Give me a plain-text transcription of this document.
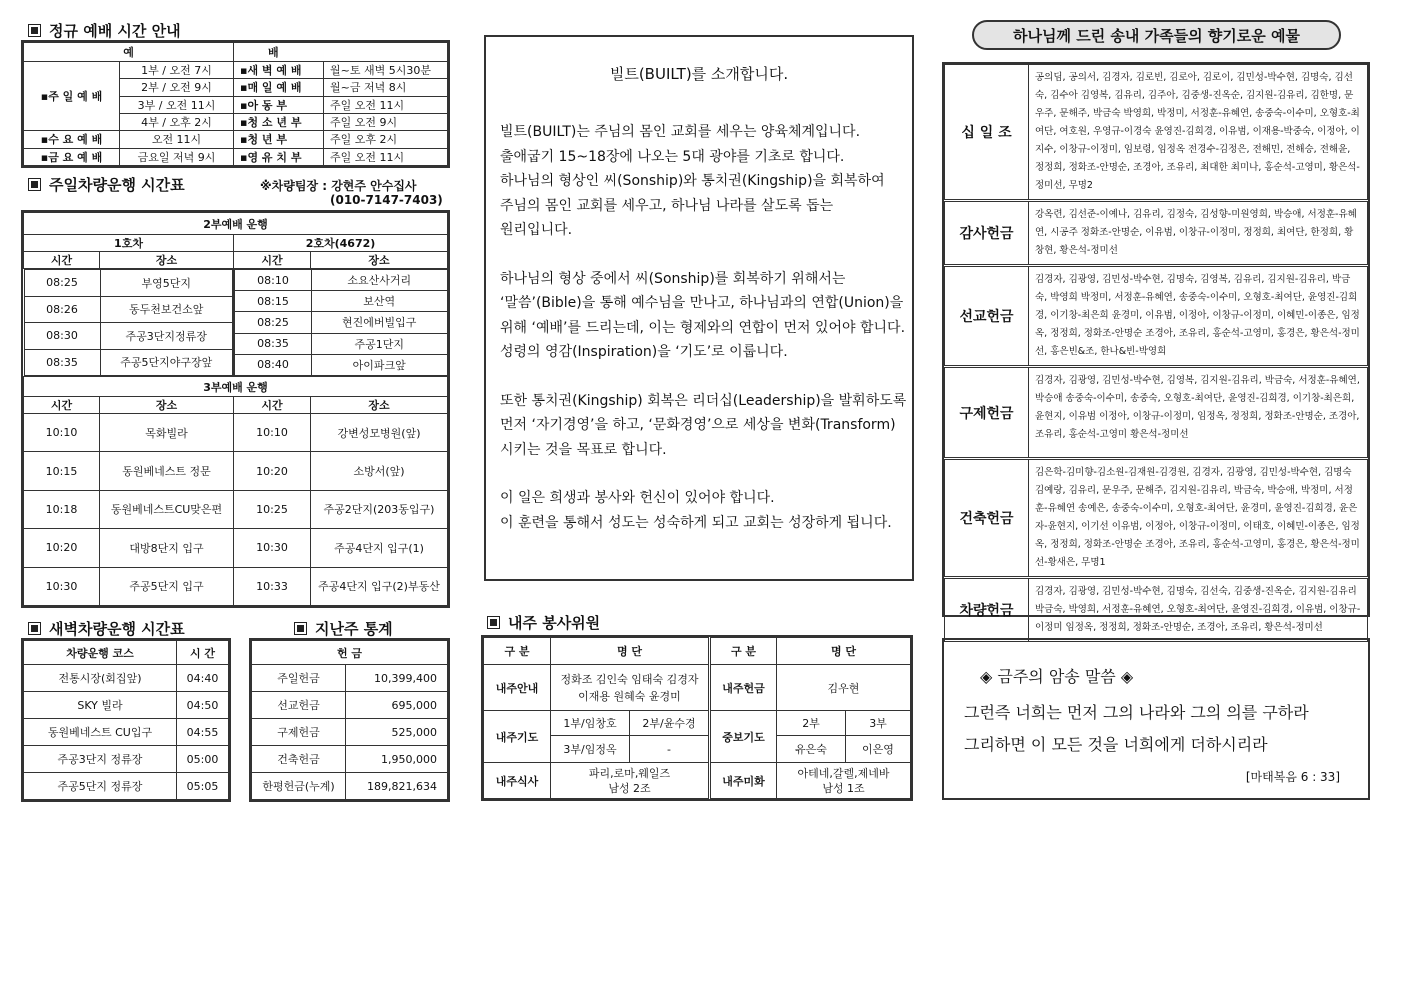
정규 예배 시간 안내
예		배	
▪주 일 예 배	1부 / 오전 7시	▪새 벽 예 배	월~토 새벽 5시30분
	2부 / 오전 9시	▪매 일 예 배	월~금 저녁 8시
	3부 / 오전 11시	▪아 동 부	주일 오전 11시
	4부 / 오후 2시	▪청 소 년 부	주일 오전 9시
▪수 요 예 배	오전 11시	▪청 년 부	주일 오후 2시
▪금 요 예 배	금요일 저녁 9시	▪영 유 치 부	주일 오전 11시
주일차량운행 시간표	※차량팀장 : 강현주 안수집사
(010-7147-7403)
2부예배 운행
1호차	2호차(4672)
시간	장소	시간	장소

08:25	부영5단지
08:26	동두천보건소앞
08:30	주공3단지정류장
08:35	주공5단지야구장앞

08:10	소요산사거리
08:15	보산역
08:25	현진에버빌입구
08:35	주공1단지
08:40	아이파크앞

3부예배 운행
시간	장소	시간	장소
10:10	목화빌라	10:10	강변성모병원(앞)
10:15	동원베네스트 정문	10:20	소방서(앞)
10:18	동원베네스트CU맞은편	10:25	주공2단지(203동입구)
10:20	대방8단지 입구	10:30	주공4단지 입구(1)
10:30	주공5단지 입구	10:33	주공4단지 입구(2)부동산
새벽차량운행 시간표
차량운행 코스	시 간
전통시장(회집앞)	04:40
SKY 빌라	04:50
동원베네스트 CU입구	04:55
주공3단지 정류장	05:00
주공5단지 정류장	05:05
지난주 통계
헌 금	
주일헌금	10,399,400
선교헌금	695,000
구제헌금	525,000
건축헌금	1,950,000
한평헌금(누계)	189,821,634
빌트(BUILT)를 소개합니다.

빌트(BUILT)는 주님의 몸인 교회를 세우는 양육체계입니다.

출애굽기 15~18장에 나오는 5대 광야를 기초로 합니다.

하나님의 형상인 씨(Sonship)와 통치권(Kingship)을 회복하여

주님의 몸인 교회를 세우고, 하나님 나라를 살도록 돕는

원리입니다.

하나님의 형상 중에서 씨(Sonship)를 회복하기 위해서는

‘말씀’(Bible)을 통해 예수님을 만나고, 하나님과의 연합(Union)을

위해 ‘예배’를 드리는데, 이는 형제와의 연합이 먼저 있어야 합니다.

성령의 영감(Inspiration)을 ‘기도’로 이룹니다.

또한 통치권(Kingship) 회복은 리더십(Leadership)을 발휘하도록

먼저 ‘자기경영’을 하고, ‘문화경영’으로 세상을 변화(Transform)

시키는 것을 목표로 합니다.

이 일은 희생과 봉사와 헌신이 있어야 합니다.

이 훈련을 통해서 성도는 성숙하게 되고 교회는 성장하게 됩니다.

내주 봉사위원
구 분	명 단		구 분	명 단	
내주안내	정화조 김인숙 임태숙 김경자
이재용 원혜숙 윤경미		내주헌금	김우현	
내주기도	1부/임창호	2부/윤수경	중보기도	2부	3부
	3부/임정옥	-		유은숙	이은영
내주식사	파리,로마,웨일즈
남성 2조		내주미화	아테네,갈렐,제네바
남성 1조	
하나님께 드린 송내 가족들의 향기로운 예물
십 일 조	공의딤, 공의서, 김경자, 김로빈, 김로아, 김로이, 김민성-박수현, 김명숙, 김선숙, 김수아 김영복, 김유리, 김주아, 김중생-진옥순, 김지원-김유리, 김한명, 문우주, 문해주, 박금숙 박영희, 박정미, 서정훈-유혜연, 송중숙-이수미, 오형호-최여단, 여호원, 우영규-이경숙 윤영진-김희경, 이유범, 이재용-박중숙, 이정아, 이지수, 이창규-이정미, 임보령, 임정옥 전경수-김정은, 전해민, 전해승, 전해윤, 정정희, 정화조-안명순, 조경아, 조유리, 최대한 최미나, 홍순석-고영미, 황은석-정미선, 무명2
감사헌금	강옥련, 김선준-이예나, 김유리, 김정숙, 김성향-미원영희, 박승애, 서정훈-유혜연, 시공주 정화조-안명순, 이유범, 이창규-이정미, 정정희, 최여단, 한정희, 황창현, 황은석-정미선
선교헌금	김경자, 김광영, 김민성-박수현, 김명숙, 김영복, 김유리, 김지원-김유리, 박금숙, 박영희 박정미, 서정훈-유혜연, 송중숙-이수미, 오형호-최여단, 윤영진-김희경, 이기창-최은희 윤경미, 이유범, 이정아, 이창규-이정미, 이혜민-이종은, 임정옥, 정정희, 정화조-안명순 조경아, 조유리, 홍순석-고영미, 홍경은, 황은석-정미선, 홍은빈&조, 한나&빈-박영희
구제헌금	김경자, 김광영, 김민성-박수현, 김영복, 김지원-김유리, 박금숙, 서정훈-유혜연, 박승애 송중숙-이수미, 송중숙, 오형호-최여단, 윤영진-김희경, 이기창-최은희, 윤현지, 이유범 이정아, 이창규-이정미, 임정옥, 정정희, 정화조-안명순, 조경아, 조유리, 홍순석-고영미 황은석-정미선
건축헌금	김은학-김미향-김소원-김재원-김경원, 김경자, 김광영, 김민성-박수현, 김명숙 김예랑, 김유리, 문우주, 문해주, 김지원-김유리, 박금숙, 박승애, 박정미, 서정훈-유혜연 송예은, 송중숙-이수미, 오형호-최여단, 윤경미, 윤영진-김희경, 윤은자-윤현지, 이기선 이유범, 이정아, 이창규-이정미, 이태호, 이혜민-이종은, 임정옥, 정정희, 정화조-안명순 조경아, 조유리, 홍순석-고영미, 홍경은, 황은석-정미선-황새은, 무명1
차량헌금	김경자, 김광영, 김민성-박수현, 김명숙, 김선숙, 김중생-진옥순, 김지원-김유리 박금숙, 박영희, 서정훈-유혜연, 오형호-최여단, 윤영진-김희경, 이유범, 이창규-이정미 임정옥, 정정희, 정화조-안명순, 조경아, 조유리, 황은석-정미선
◈ 금주의 암송 말씀 ◈
그런즉 너희는 먼저 그의 나라와 그의 의를 구하라
그리하면 이 모든 것을 너희에게 더하시리라
[마태복음 6 : 33]
